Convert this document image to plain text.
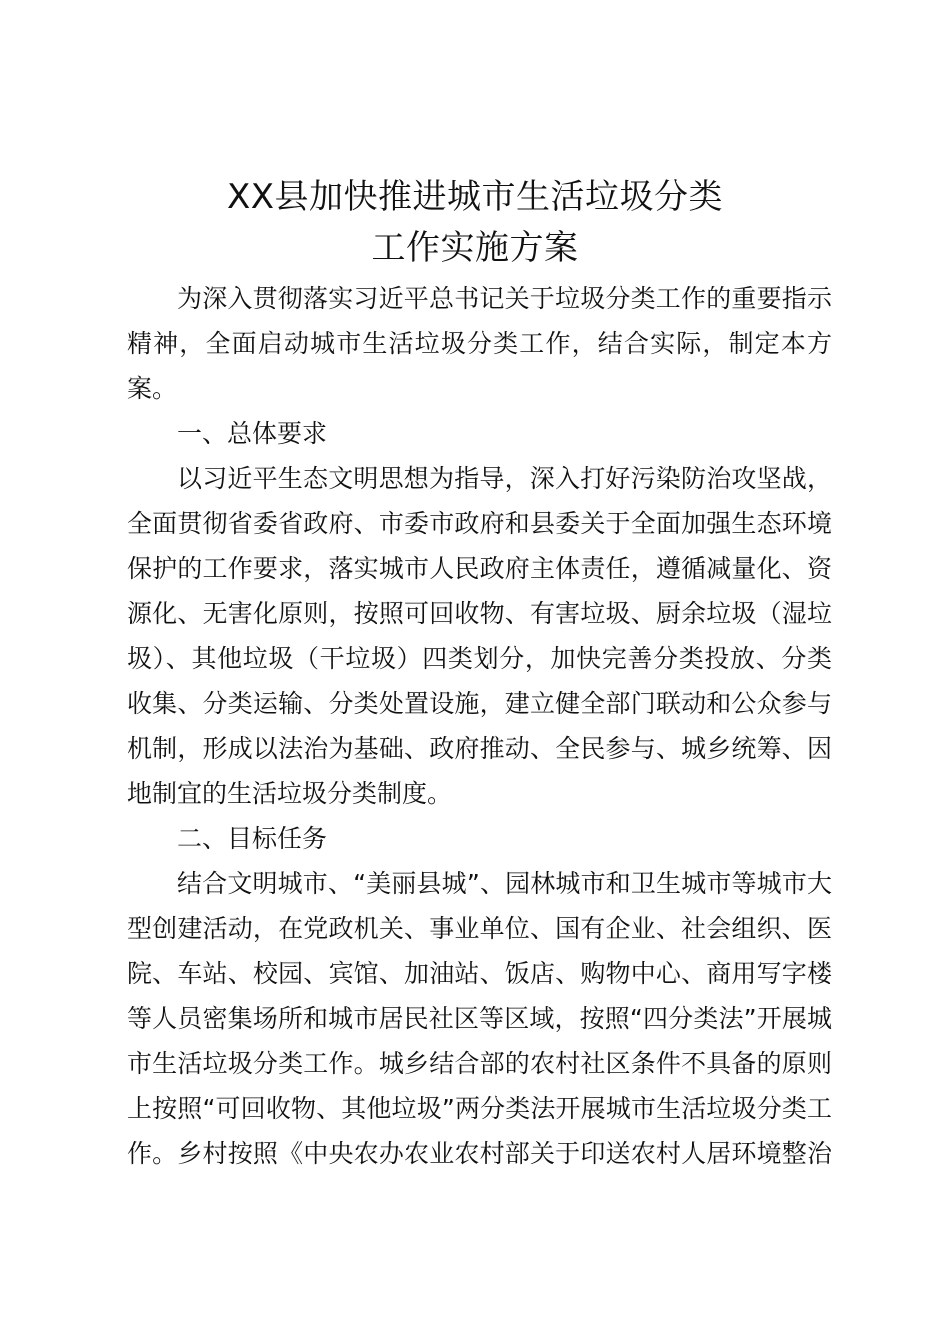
XX县加快推进城市生活垃圾分类
工作实施方案
为深入贯彻落实习近平总书记关于垃圾分类工作的重要指示
精神，全面启动城市生活垃圾分类工作，结合实际，制定本方
案。
一、总体要求
以习近平生态文明思想为指导，深入打好污染防治攻坚战，
全面贯彻省委省政府、市委市政府和县委关于全面加强生态环境
保护的工作要求，落实城市人民政府主体责任，遵循减量化、资
源化、无害化原则，按照可回收物、有害垃圾、厨余垃圾（湿垃
圾）、其他垃圾（干垃圾）四类划分，加快完善分类投放、分类
收集、分类运输、分类处置设施，建立健全部门联动和公众参与
机制，形成以法治为基础、政府推动、全民参与、城乡统筹、因
地制宜的生活垃圾分类制度。
二、目标任务
结合文明城市、“美丽县城”、园林城市和卫生城市等城市大
型创建活动，在党政机关、事业单位、国有企业、社会组织、医
院、车站、校园、宾馆、加油站、饭店、购物中心、商用写字楼
等人员密集场所和城市居民社区等区域，按照“四分类法”开展城
市生活垃圾分类工作。城乡结合部的农村社区条件不具备的原则
上按照“可回收物、其他垃圾”两分类法开展城市生活垃圾分类工
作。乡村按照《中央农办农业农村部关于印送农村人居环境整治
